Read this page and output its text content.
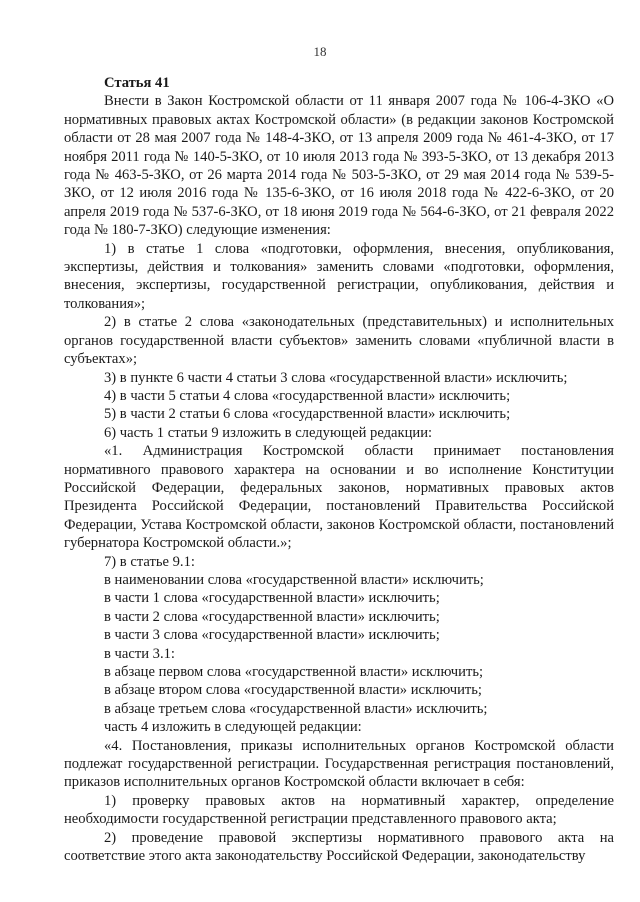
18

Статья 41

Внести в Закон Костромской области от 11 января 2007 года № 106-4-ЗКО «О нормативных правовых актах Костромской области» (в редакции законов Костромской области от 28 мая 2007 года № 148-4-ЗКО, от 13 апреля 2009 года № 461-4-ЗКО, от 17 ноября 2011 года № 140-5-ЗКО, от 10 июля 2013 года № 393-5-ЗКО, от 13 декабря 2013 года № 463-5-ЗКО, от 26 марта 2014 года № 503-5-ЗКО, от 29 мая 2014 года № 539-5-ЗКО, от 12 июля 2016 года № 135-6-ЗКО, от 16 июля 2018 года № 422-6-ЗКО, от 20 апреля 2019 года № 537-6-ЗКО, от 18 июня 2019 года № 564-6-ЗКО, от 21 февраля 2022 года № 180-7-ЗКО) следующие изменения:

1) в статье 1 слова «подготовки, оформления, внесения, опубликования, экспертизы, действия и толкования» заменить словами «подготовки, оформления, внесения, экспертизы, государственной регистрации, опубликования, действия и толкования»;

2) в статье 2 слова «законодательных (представительных) и исполнительных органов государственной власти субъектов» заменить словами «публичной власти в субъектах»;

3) в пункте 6 части 4 статьи 3 слова «государственной власти» исключить;

4) в части 5 статьи 4 слова «государственной власти» исключить;

5) в части 2 статьи 6 слова «государственной власти» исключить;

6) часть 1 статьи 9 изложить в следующей редакции:

«1. Администрация Костромской области принимает постановления нормативного правового характера на основании и во исполнение Конституции Российской Федерации, федеральных законов, нормативных правовых актов Президента Российской Федерации, постановлений Правительства Российской Федерации, Устава Костромской области, законов Костромской области, постановлений губернатора Костромской области.»;

7) в статье 9.1:

в наименовании слова «государственной власти» исключить;

в части 1 слова «государственной власти» исключить;

в части 2 слова «государственной власти» исключить;

в части 3 слова «государственной власти» исключить;

в части 3.1:

в абзаце первом слова «государственной власти» исключить;

в абзаце втором слова «государственной власти» исключить;

в абзаце третьем слова «государственной власти» исключить;

часть 4 изложить в следующей редакции:

«4. Постановления, приказы исполнительных органов Костромской области подлежат государственной регистрации. Государственная регистрация постановлений, приказов исполнительных органов Костромской области включает в себя:

1) проверку правовых актов на нормативный характер, определение необходимости государственной регистрации представленного правового акта;

2) проведение правовой экспертизы нормативного правового акта на соответствие этого акта законодательству Российской Федерации, законодательству
